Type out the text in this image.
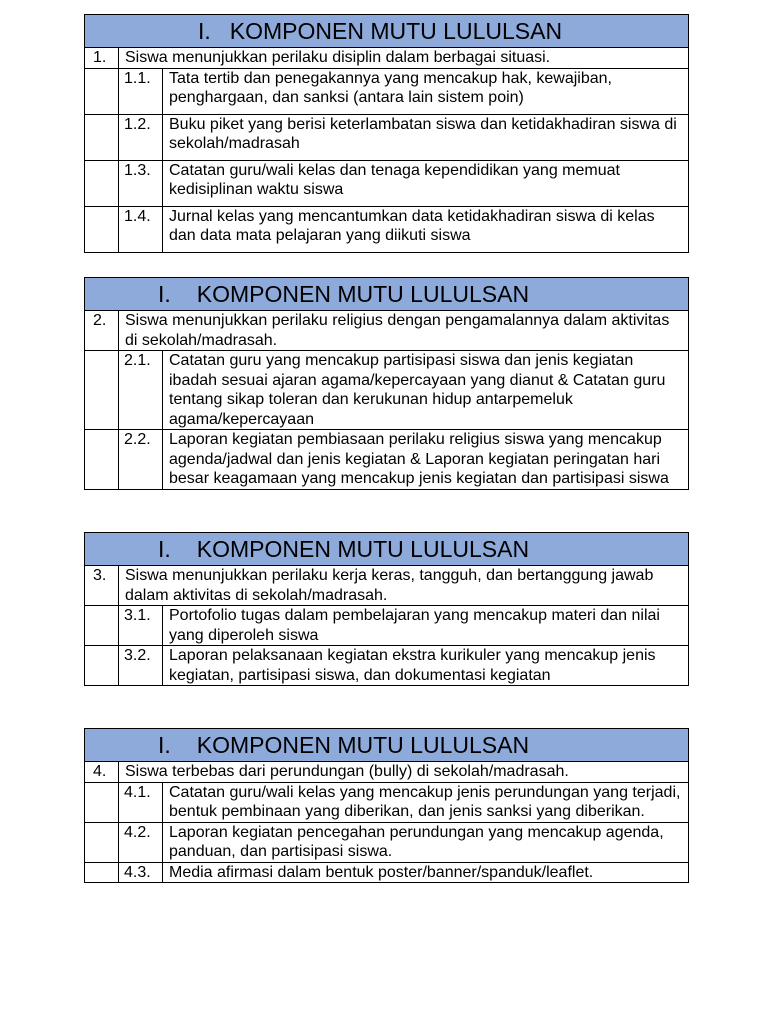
I. KOMPONEN MUTU LULULSAN		
1.	Siswa menunjukkan perilaku disiplin dalam berbagai situasi.	
	1.1.	Tata tertib dan penegakannya yang mencakup hak, kewajiban, penghargaan, dan sanksi (antara lain sistem poin)
	1.2.	Buku piket yang berisi keterlambatan siswa dan ketidakhadiran siswa di sekolah/madrasah
	1.3.	Catatan guru/wali kelas dan tenaga kependidikan yang memuat kedisiplinan waktu siswa
	1.4.	Jurnal kelas yang mencantumkan data ketidakhadiran siswa di kelas dan data mata pelajaran yang diikuti siswa
I. KOMPONEN MUTU LULULSAN		
2.	Siswa menunjukkan perilaku religius dengan pengamalannya dalam aktivitas di sekolah/madrasah.	
	2.1.	Catatan guru yang mencakup partisipasi siswa dan jenis kegiatan ibadah sesuai ajaran agama/kepercayaan yang dianut & Catatan guru tentang sikap toleran dan kerukunan hidup antarpemeluk agama/kepercayaan
	2.2.	Laporan kegiatan pembiasaan perilaku religius siswa yang mencakup agenda/jadwal dan jenis kegiatan & Laporan kegiatan peringatan hari besar keagamaan yang mencakup jenis kegiatan dan partisipasi siswa
I. KOMPONEN MUTU LULULSAN		
3.	Siswa menunjukkan perilaku kerja keras, tangguh, dan bertanggung jawab dalam aktivitas di sekolah/madrasah.	
	3.1.	Portofolio tugas dalam pembelajaran yang mencakup materi dan nilai yang diperoleh siswa
	3.2.	Laporan pelaksanaan kegiatan ekstra kurikuler yang mencakup jenis kegiatan, partisipasi siswa, dan dokumentasi kegiatan
I. KOMPONEN MUTU LULULSAN		
4.	Siswa terbebas dari perundungan (bully) di sekolah/madrasah.	
	4.1.	Catatan guru/wali kelas yang mencakup jenis perundungan yang terjadi, bentuk pembinaan yang diberikan, dan jenis sanksi yang diberikan.
	4.2.	Laporan kegiatan pencegahan perundungan yang mencakup agenda, panduan, dan partisipasi siswa.
	4.3.	Media afirmasi dalam bentuk poster/banner/spanduk/leaflet.
